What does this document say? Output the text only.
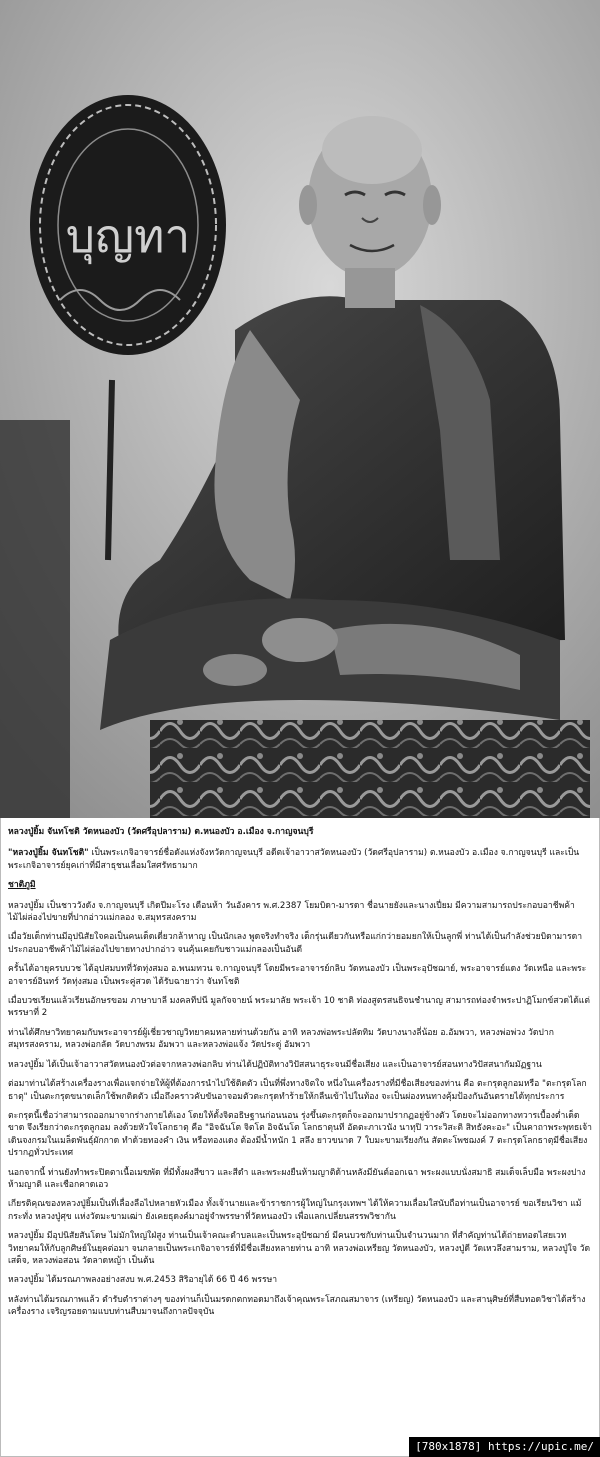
บุญทา

หลวงปู่ยิ้ม จันทโชติ วัดหนองบัว (วัดศรีอุปลาราม) ต.หนองบัว อ.เมือง จ.กาญจนบุรี

"หลวงปู่ยิ้ม จันทโชติ" เป็นพระเกจิอาจารย์ชื่อดังแห่งจังหวัดกาญจนบุรี อดีตเจ้าอาวาสวัดหนองบัว (วัดศรีอุปลาราม) ต.หนองบัว อ.เมือง จ.กาญจนบุรี และเป็นพระเกจิอาจารย์ยุคเก่าที่มีสาธุชนเลื่อมใสศรัทธามาก

ชาติภูมิ

หลวงปู่ยิ้ม เป็นชาววังดัง จ.กาญจนบุรี เกิดปีมะโรง เดือนห้า วันอังคาร พ.ศ.2387 โยมบิดา-มารดา ชื่อนายยังและนางเปี่ยม มีความสามารถประกอบอาชีพค้าไม้ไผ่ล่องไปขายที่ปากอ่าวแม่กลอง จ.สมุทรสงคราม

เมื่อวัยเด็กท่านมีอุปนิสัยใจคอเป็นคนเด็ดเดี่ยวกล้าหาญ เป็นนักเลง พูดจริงทำจริง เด็กรุ่นเดียวกันหรือแก่กว่ายอมยกให้เป็นลูกพี่ ท่านได้เป็นกำลังช่วยบิดามารดาประกอบอาชีพค้าไม้ไผ่ล่องไปขายทางปากอ่าว จนคุ้นเคยกับชาวแม่กลองเป็นอันดี

ครั้นได้อายุครบบวช ได้อุปสมบทที่วัดทุ่งสมอ อ.พนมทวน จ.กาญจนบุรี โดยมีพระอาจารย์กลิบ วัดหนองบัว เป็นพระอุปัชฌาย์, พระอาจารย์แดง วัดเหนือ และพระอาจารย์อินทร์ วัดทุ่งสมอ เป็นพระคู่สวด ได้รับฉายาว่า จันทโชติ

เมื่อบวชเรียนแล้วเรียนอักษรขอม ภาษาบาลี มงคลทีปนี มูลกัจจายน์ พระมาลัย พระเจ้า 10 ชาติ ท่องสูตรสนธิจนชำนาญ สามารถท่องจำพระปาฏิโมกข์สวดได้แต่พรรษาที่ 2

ท่านได้ศึกษาวิทยาคมกับพระอาจารย์ผู้เชี่ยวชาญวิทยาคมหลายท่านด้วยกัน อาทิ หลวงพ่อพระปลัดทิม วัดบางนางลี่น้อย อ.อัมพวา, หลวงพ่อพ่วง วัดปากสมุทรสงคราม, หลวงพ่อกลัด วัดบางพรม อัมพวา และหลวงพ่อแจ้ง วัดประดู่ อัมพวา

หลวงปู่ยิ้ม ได้เป็นเจ้าอาวาสวัดหนองบัวต่อจากหลวงพ่อกลิบ ท่านได้ปฏิบัติทางวิปัสสนาธุระจนมีชื่อเสียง และเป็นอาจารย์สอนทางวิปัสสนากัมมัฏฐาน

ต่อมาท่านได้สร้างเครื่องรางเพื่อแจกจ่ายให้ผู้ที่ต้องการนำไปใช้ติดตัว เป็นที่พึ่งทางจิตใจ หนึ่งในเครื่องรางที่มีชื่อเสียงของท่าน คือ ตะกรุดลูกอมหรือ "ตะกรุดโลกธาตุ" เป็นตะกรุดขนาดเล็กใช้พกติดตัว เมื่อถึงคราวคับขันอาจอมตัวตะกรุดทำร้ายให้กลืนเข้าไปในท้อง จะเป็นผ่องหนทางคุ้มป้องกันอันตรายได้ทุกประการ

ตะกรุดนี้เชื่อว่าสามารถออกมาจากร่างกายได้เอง โดยให้ตั้งจิตอธิษฐานก่อนนอน รุ่งขึ้นตะกรุดก็จะออกมาปรากฏอยู่ข้างตัว โดยจะไม่ออกทางทวารเบื้องต่ำเด็ดขาด จึงเรียกว่าตะกรุดลูกอม ลงด้วยหัวใจโลกธาตุ คือ "อิจฉันโต จิตโต อิจฉันโต โลกธาตุนที อัตตะภาเวนัง นาทุปิ วาระวิสะติ สิทธังคะอะ" เป็นคาถาพระพุทธเจ้าเดินจงกรมในเมล็ดพันธุ์ผักกาด ทำด้วยทองคำ เงิน หรือทองแดง ต้องมีน้ำหนัก 1 สลึง ยาวขนาด 7 ใบมะขามเรียงกัน สัตตะโพชฌงค์ 7 ตะกรุดโลกธาตุมีชื่อเสียงปรากฏทั่วประเทศ

นอกจากนี้ ท่านยังทำพระปิดตาเนื้อเมฆพัด ที่มีทั้งผงสีขาว และสีดำ และพระผงยืนห้ามญาติด้านหลังมียันต์ออกเฉา พระผงแบบนั่งสมาธิ สมเด็จเล็บมือ พระผงปางห้ามญาติ และเชือกคาดเอว

เกียรติคุณของหลวงปู่ยิ้มเป็นที่เลื่องลือไปหลายหัวเมือง ทั้งเจ้านายและข้าราชการผู้ใหญ่ในกรุงเทพฯ ได้ให้ความเลื่อมใสนับถือท่านเป็นอาจารย์ ขอเรียนวิชา แม้กระทั่ง หลวงปู่ศุข แห่งวัดมะขามเฒ่า ยังเคยธุดงค์มาอยู่จำพรรษาที่วัดหนองบัว เพื่อแลกเปลี่ยนสรรพวิชากัน

หลวงปู่ยิ้ม มีอุปนิสัยสันโดษ ไม่มักใหญ่ใฝ่สูง ท่านเป็นเจ้าคณะตำบลและเป็นพระอุปัชฌาย์ มีคนบวชกับท่านเป็นจำนวนมาก ที่สำคัญท่านได้ถ่ายทอดไสยเวทวิทยาคมให้กับลูกศิษย์ในยุคต่อมา จนกลายเป็นพระเกจิอาจารย์ที่มีชื่อเสียงหลายท่าน อาทิ หลวงพ่อเหรียญ วัดหนองบัว, หลวงปู่ดี วัดเหวลึงสามราม, หลวงปู่ใจ วัดเสด็จ, หลวงพ่อสอน วัดลาดหญ้า เป็นต้น

หลวงปู่ยิ้ม ได้มรณภาพลงอย่างสงบ พ.ศ.2453 สิริอายุได้ 66 ปี 46 พรรษา

หลังท่านได้มรณภาพแล้ว ตำรับตำราต่างๆ ของท่านก็เป็นมรดกตกทอดมาถึงเจ้าคุณพระโสภณสมาจาร (เหรียญ) วัดหนองบัว และสานุศิษย์ที่สืบทอดวิชาได้สร้างเครื่องราง เจริญรอยตามแบบท่านสืบมาจนถึงกาลปัจจุบัน

[780x1878] https://upic.me/
